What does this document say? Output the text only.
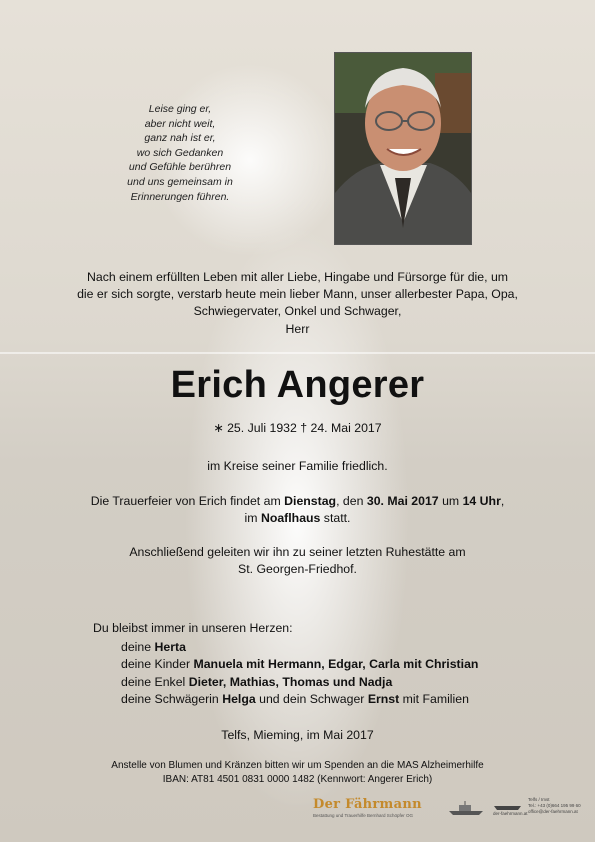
Leise ging er,
aber nicht weit,
ganz nah ist er,
wo sich Gedanken
und Gefühle berühren
und uns gemeinsam in
Erinnerungen führen.
Nach einem erfüllten Leben mit aller Liebe, Hingabe und Fürsorge für die, um
die er sich sorgte, verstarb heute mein lieber Mann, unser allerbester Papa, Opa,
Schwiegervater, Onkel und Schwager,
Herr
Erich Angerer
∗ 25. Juli 1932 † 24. Mai 2017
im Kreise seiner Familie friedlich.
Die Trauerfeier von Erich findet am Dienstag, den 30. Mai 2017 um 14 Uhr,
im Noaflhaus statt.
Anschließend geleiten wir ihn zu seiner letzten Ruhestätte am
St. Georgen-Friedhof.
Du bleibst immer in unseren Herzen:
deine Herta
deine Kinder Manuela mit Hermann, Edgar, Carla mit Christian
deine Enkel Dieter, Mathias, Thomas und Nadja
deine Schwägerin Helga und dein Schwager Ernst mit Familien
Telfs, Mieming, im Mai 2017
Anstelle von Blumen und Kränzen bitten wir um Spenden an die MAS Alzheimerhilfe
IBAN: AT81 4501 0831 0000 1482 (Kennwort: Angerer Erich)
Der Fährmann
Bestattung und Trauerhilfe Bernhard Schöpfer OG	der-faehrmann.at
Telfs / Imst
Tel.: +43 (0)664 195 99 60
office@der-faehrmann.at
